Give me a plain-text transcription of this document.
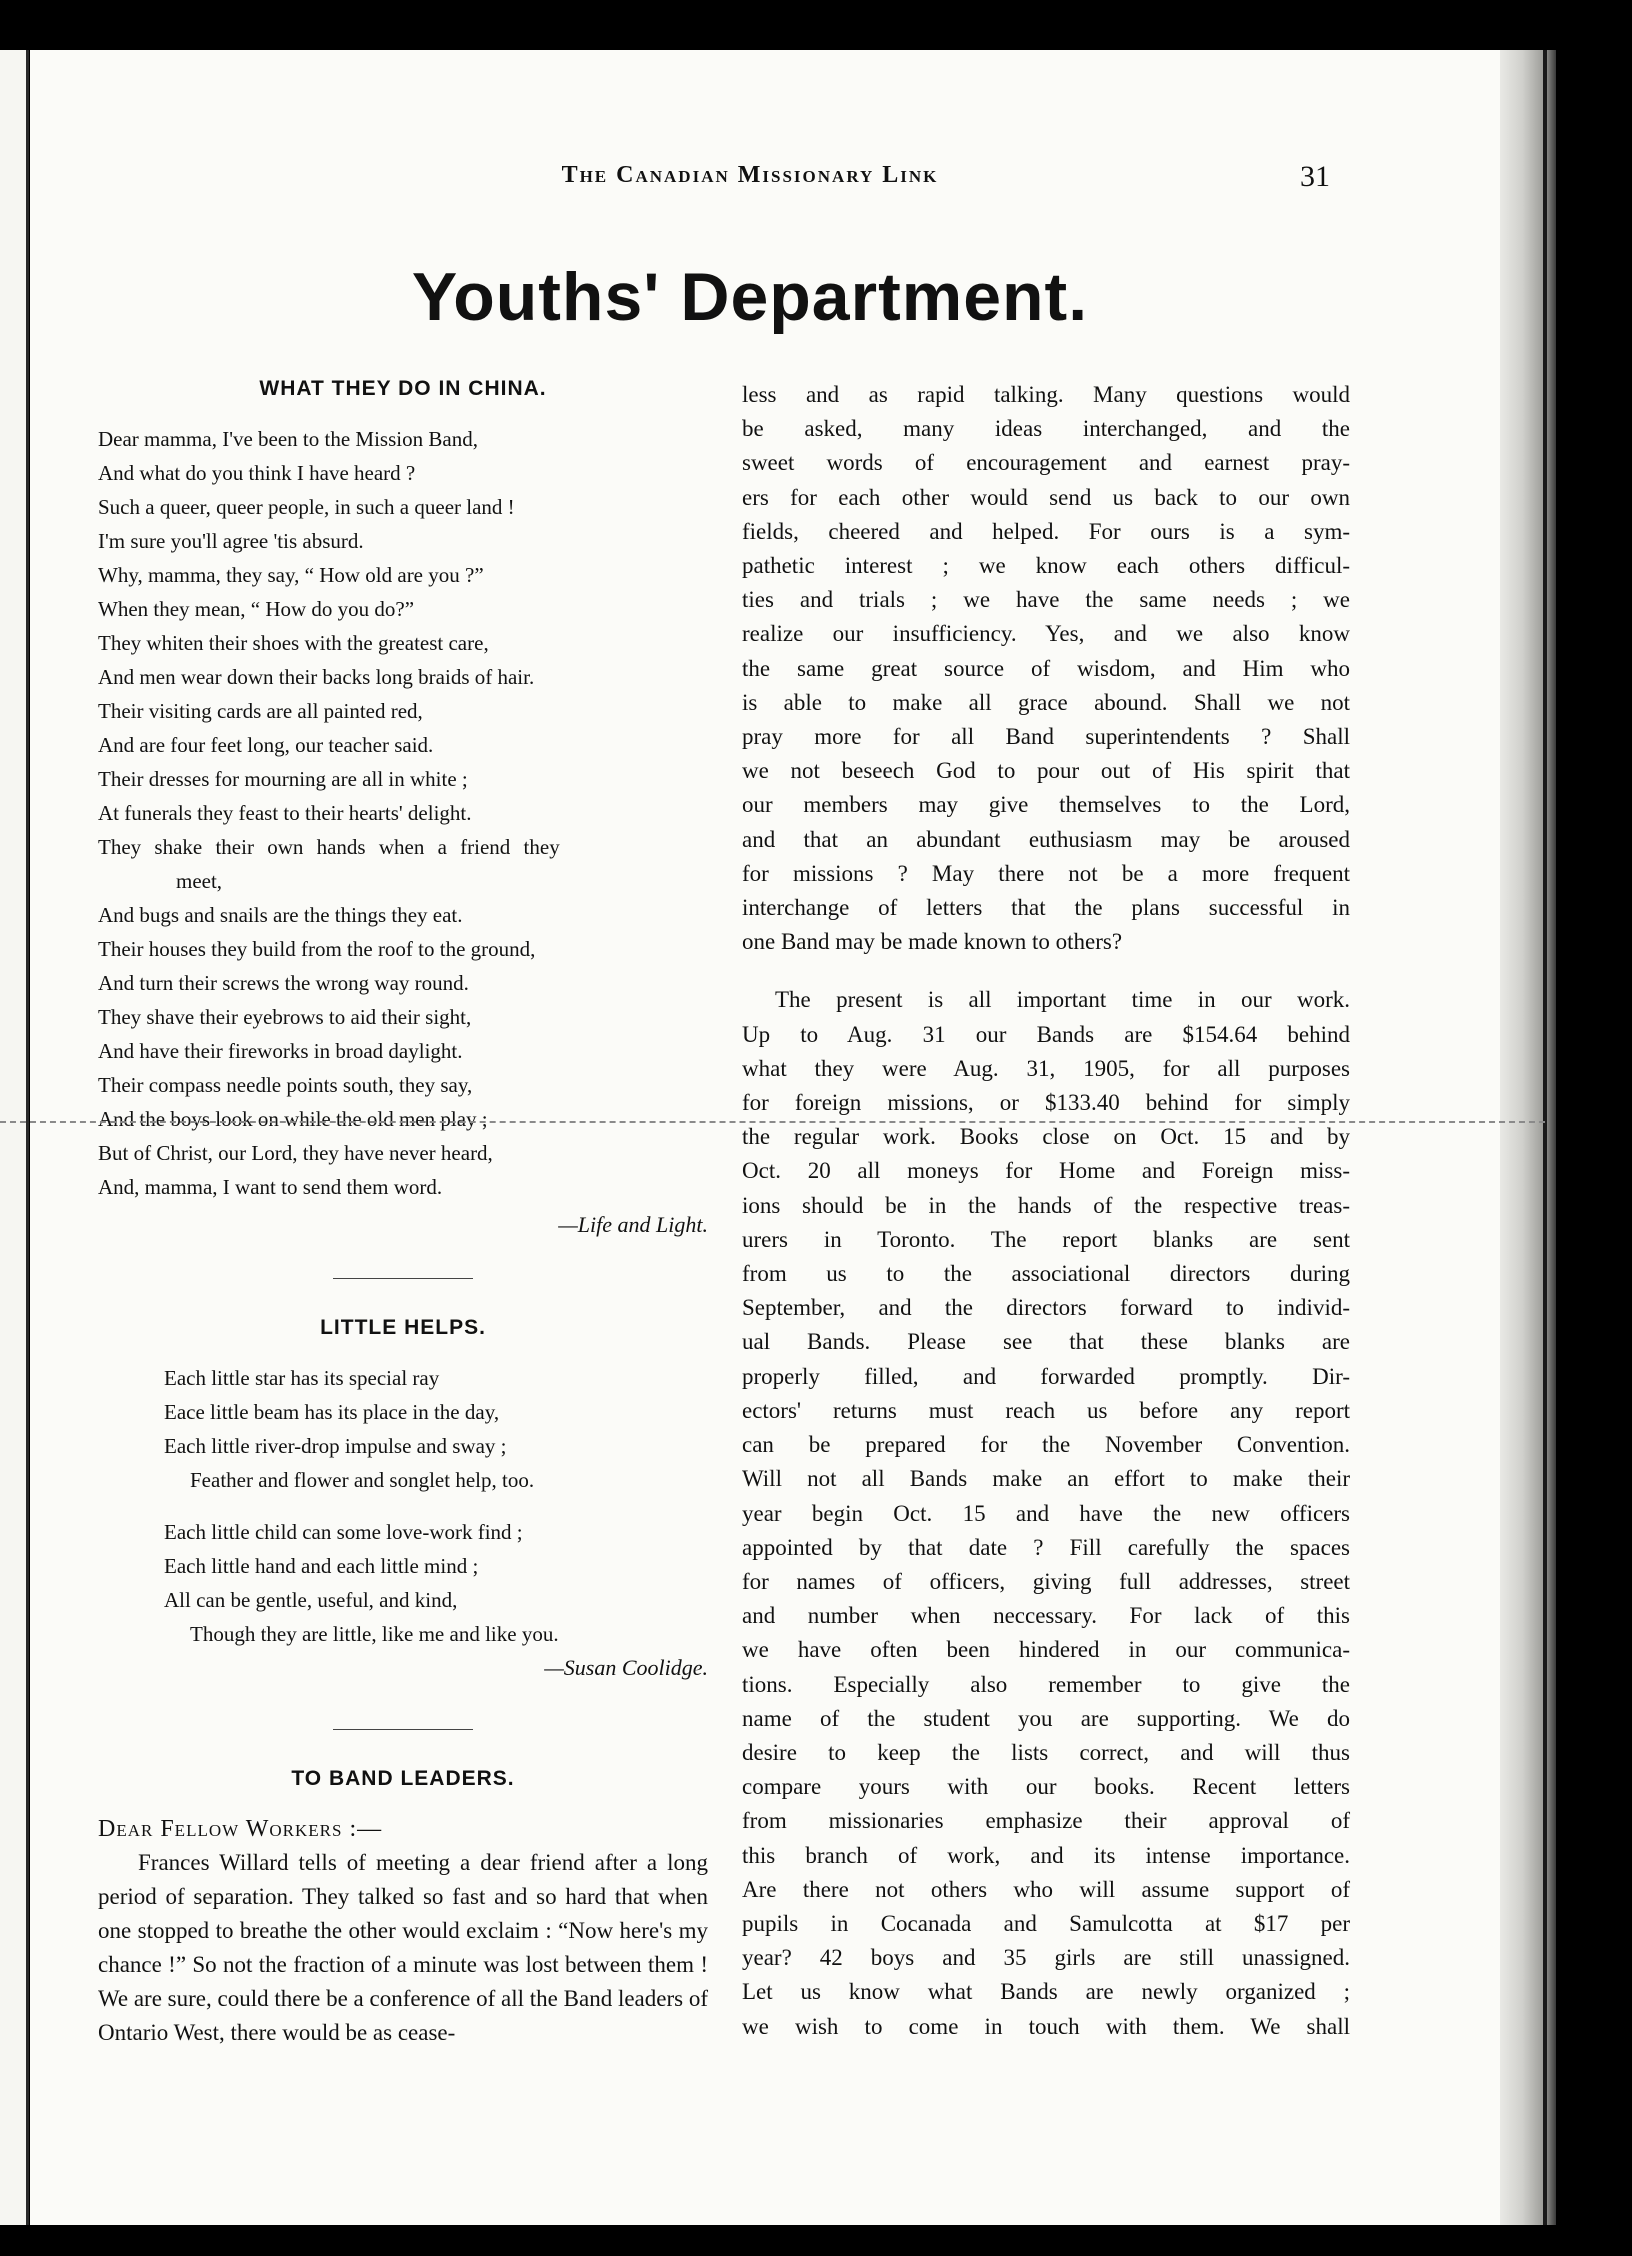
The Canadian Missionary Link	31
Youths' Department.
WHAT THEY DO IN CHINA.
Dear mamma, I've been to the Mission Band,
And what do you think I have heard ?
Such a queer, queer people, in such a queer land !
I'm sure you'll agree 'tis absurd.
Why, mamma, they say, “ How old are you ?”
When they mean, “ How do you do?”
They whiten their shoes with the greatest care,
And men wear down their backs long braids of hair.
Their visiting cards are all painted red,
And are four feet long, our teacher said.
Their dresses for mourning are all in white ;
At funerals they feast to their hearts' delight.
They shake their own hands when a friend they
meet,
And bugs and snails are the things they eat.
Their houses they build from the roof to the ground,
And turn their screws the wrong way round.
They shave their eyebrows to aid their sight,
And have their fireworks in broad daylight.
Their compass needle points south, they say,
And the boys look on while the old men play ;
But of Christ, our Lord, they have never heard,
And, mamma, I want to send them word.
—Life and Light.
LITTLE HELPS.
Each little star has its special ray
Eace little beam has its place in the day,
Each little river-drop impulse and sway ;
Feather and flower and songlet help, too.
Each little child can some love-work find ;
Each little hand and each little mind ;
All can be gentle, useful, and kind,
Though they are little, like me and like you.
—Susan Coolidge.
TO BAND LEADERS.
Dear Fellow Workers :—
Frances Willard tells of meeting a dear friend after a long period of separation. They talked so fast and so hard that when one stopped to breathe the other would exclaim : “Now here's my chance !” So not the fraction of a minute was lost between them ! We are sure, could there be a conference of all the Band leaders of Ontario West, there would be as cease-

less and as rapid talking. Many questions would

be asked, many ideas interchanged, and the

sweet words of encouragement and earnest pray-

ers for each other would send us back to our own

fields, cheered and helped. For ours is a sym-

pathetic interest ; we know each others difficul-

ties and trials ; we have the same needs ; we

realize our insufficiency. Yes, and we also know

the same great source of wisdom, and Him who

is able to make all grace abound. Shall we not

pray more for all Band superintendents ? Shall

we not beseech God to pour out of His spirit that

our members may give themselves to the Lord,

and that an abundant euthusiasm may be aroused

for missions ? May there not be a more frequent

interchange of letters that the plans successful in

one Band may be made known to others?

The present is all important time in our work.

Up to Aug. 31 our Bands are $154.64 behind

what they were Aug. 31, 1905, for all purposes

for foreign missions, or $133.40 behind for simply

the regular work. Books close on Oct. 15 and by

Oct. 20 all moneys for Home and Foreign miss-

ions should be in the hands of the respective treas-

urers in Toronto. The report blanks are sent

from us to the associational directors during

September, and the directors forward to individ-

ual Bands. Please see that these blanks are

properly filled, and forwarded promptly. Dir-

ectors' returns must reach us before any report

can be prepared for the November Convention.

Will not all Bands make an effort to make their

year begin Oct. 15 and have the new officers

appointed by that date ? Fill carefully the spaces

for names of officers, giving full addresses, street

and number when neccessary. For lack of this

we have often been hindered in our communica-

tions. Especially also remember to give the

name of the student you are supporting. We do

desire to keep the lists correct, and will thus

compare yours with our books. Recent letters

from missionaries emphasize their approval of

this branch of work, and its intense importance.

Are there not others who will assume support of

pupils in Cocanada and Samulcotta at $17 per

year? 42 boys and 35 girls are still unassigned.

Let us know what Bands are newly organized ;

we wish to come in touch with them. We shall
